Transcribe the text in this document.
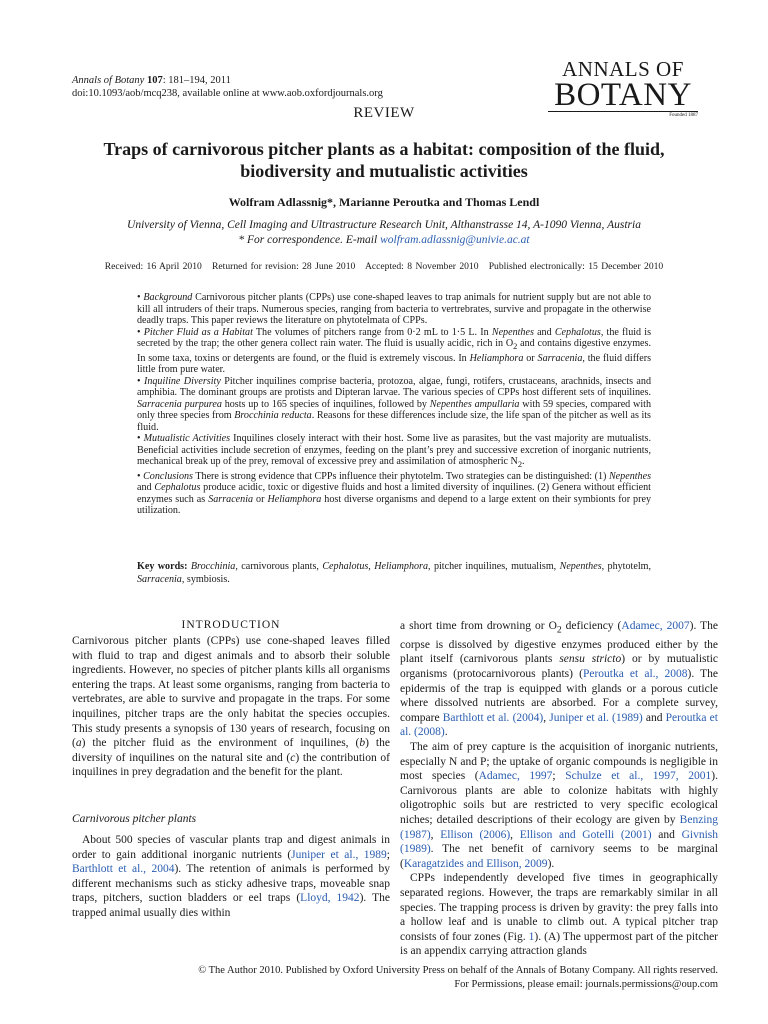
Annals of Botany 107: 181–194, 2011
doi:10.1093/aob/mcq238, available online at www.aob.oxfordjournals.org
ANNALS OF
BOTANY
Founded 1887
REVIEW
Traps of carnivorous pitcher plants as a habitat: composition of the fluid, biodiversity and mutualistic activities
Wolfram Adlassnig*, Marianne Peroutka and Thomas Lendl
University of Vienna, Cell Imaging and Ultrastructure Research Unit, Althanstrasse 14, A-1090 Vienna, Austria
* For correspondence. E-mail wolfram.adlassnig@univie.ac.at
Received: 16 April 2010   Returned for revision: 28 June 2010   Accepted: 8 November 2010   Published electronically: 15 December 2010

• Background Carnivorous pitcher plants (CPPs) use cone-shaped leaves to trap animals for nutrient supply but are not able to kill all intruders of their traps. Numerous species, ranging from bacteria to vertrebrates, survive and propagate in the otherwise deadly traps. This paper reviews the literature on phytotelmata of CPPs.

• Pitcher Fluid as a Habitat The volumes of pitchers range from 0·2 mL to 1·5 L. In Nepenthes and Cephalotus, the fluid is secreted by the trap; the other genera collect rain water. The fluid is usually acidic, rich in $O_2$ and contains digestive enzymes. In some taxa, toxins or detergents are found, or the fluid is extremely viscous. In Heliamphora or Sarracenia, the fluid differs little from pure water.

• Inquiline Diversity Pitcher inquilines comprise bacteria, protozoa, algae, fungi, rotifers, crustaceans, arachnids, insects and amphibia. The dominant groups are protists and Dipteran larvae. The various species of CPPs host different sets of inquilines. Sarracenia purpurea hosts up to 165 species of inquilines, followed by Nepenthes ampullaria with 59 species, compared with only three species from Brocchinia reducta. Reasons for these differences include size, the life span of the pitcher as well as its fluid.

• Mutualistic Activities Inquilines closely interact with their host. Some live as parasites, but the vast majority are mutualists. Beneficial activities include secretion of enzymes, feeding on the plant’s prey and successive excretion of inorganic nutrients, mechanical break up of the prey, removal of excessive prey and assimilation of atmospheric $N_2$.

• Conclusions There is strong evidence that CPPs influence their phytotelm. Two strategies can be distinguished: (1) Nepenthes and Cephalotus produce acidic, toxic or digestive fluids and host a limited diversity of inquilines. (2) Genera without efficient enzymes such as Sarracenia or Heliamphora host diverse organisms and depend to a large extent on their symbionts for prey utilization.

Key words: Brocchinia, carnivorous plants, Cephalotus, Heliamphora, pitcher inquilines, mutualism, Nepenthes, phytotelm, Sarracenia, symbiosis.
INTRODUCTION

Carnivorous pitcher plants (CPPs) use cone-shaped leaves filled with fluid to trap and digest animals and to absorb their soluble ingredients. However, no species of pitcher plants kills all organisms entering the traps. At least some organisms, ranging from bacteria to vertebrates, are able to survive and propagate in the traps. For some inquilines, pitcher traps are the only habitat the species occupies. This study presents a synopsis of 130 years of research, focusing on (a) the pitcher fluid as the environment of inquilines, (b) the diversity of inquilines on the natural site and (c) the contribution of inquilines in prey degradation and the benefit for the plant.

Carnivorous pitcher plants

About 500 species of vascular plants trap and digest animals in order to gain additional inorganic nutrients (Juniper et al., 1989; Barthlott et al., 2004). The retention of animals is performed by different mechanisms such as sticky adhesive traps, moveable snap traps, pitchers, suction bladders or eel traps (Lloyd, 1942). The trapped animal usually dies within

a short time from drowning or $O_2$ deficiency (Adamec, 2007). The corpse is dissolved by digestive enzymes produced either by the plant itself (carnivorous plants sensu stricto) or by mutualistic organisms (protocarnivorous plants) (Peroutka et al., 2008). The epidermis of the trap is equipped with glands or a porous cuticle where dissolved nutrients are absorbed. For a complete survey, compare Barthlott et al. (2004), Juniper et al. (1989) and Peroutka et al. (2008).

The aim of prey capture is the acquisition of inorganic nutrients, especially N and P; the uptake of organic compounds is negligible in most species (Adamec, 1997; Schulze et al., 1997, 2001). Carnivorous plants are able to colonize habitats with highly oligotrophic soils but are restricted to very specific ecological niches; detailed descriptions of their ecology are given by Benzing (1987), Ellison (2006), Ellison and Gotelli (2001) and Givnish (1989). The net benefit of carnivory seems to be marginal (Karagatzides and Ellison, 2009).

CPPs independently developed five times in geographically separated regions. However, the traps are remarkably similar in all species. The trapping process is driven by gravity: the prey falls into a hollow leaf and is unable to climb out. A typical pitcher trap consists of four zones (Fig. 1). (A) The uppermost part of the pitcher is an appendix carrying attraction glands

© The Author 2010. Published by Oxford University Press on behalf of the Annals of Botany Company. All rights reserved.
For Permissions, please email: journals.permissions@oup.com
